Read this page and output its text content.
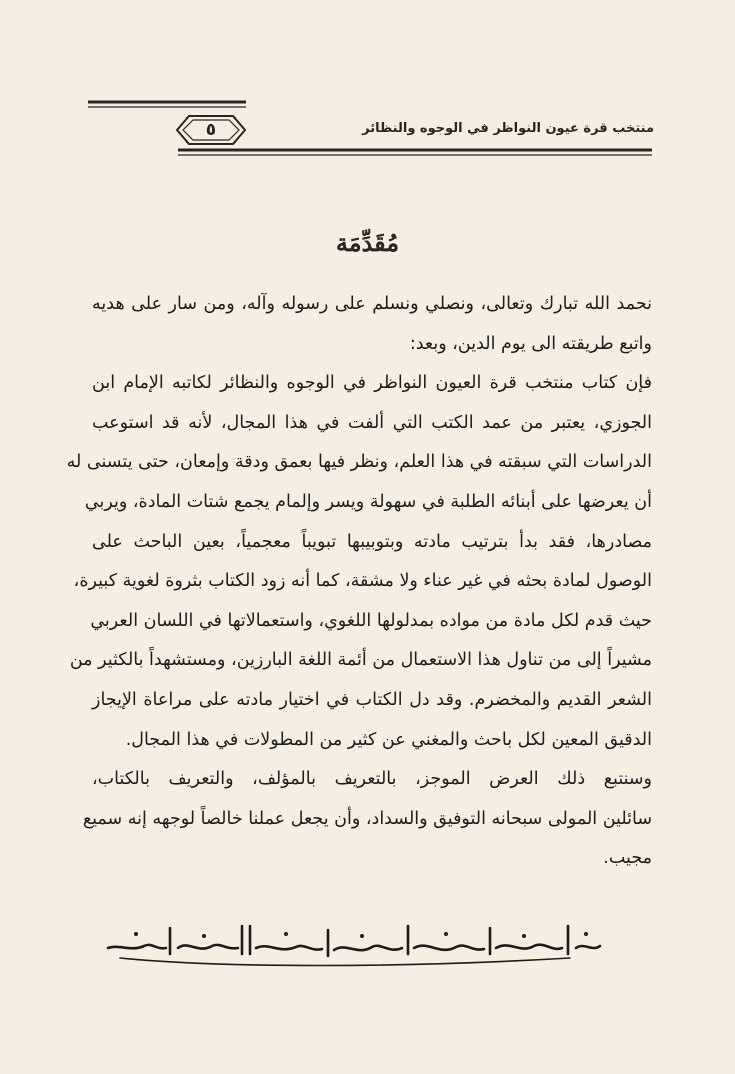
منتخب قرة عيون النواظر في الوجوه والنظائر
٥
مُقَدِّمَة
نحمد الله تبارك وتعالى، ونصلي ونسلم على رسوله وآله، ومن سار على هديه
واتبع طريقته الى يوم الدين، وبعد:
فإن كتاب منتخب قرة العيون النواظر في الوجوه والنظائر لكاتبه الإمام ابن
الجوزي، يعتبر من عمد الكتب التي ألفت في هذا المجال، لأنه قد استوعب
الدراسات التي سبقته في هذا العلم، ونظر فيها بعمق ودقة وإمعان، حتى يتسنى له
أن يعرضها على أبنائه الطلبة في سهولة ويسر وإلمام يجمع شتات المادة، ويربي
مصادرها، فقد بدأ بترتيب مادته وبتوبيبها تبويباً معجمياً، بعين الباحث على
الوصول لمادة بحثه في غير عناء ولا مشقة، كما أنه زود الكتاب بثروة لغوية كبيرة،
حيث قدم لكل مادة من مواده بمدلولها اللغوي، واستعمالاتها في اللسان العربي
مشيراً إلى من تناول هذا الاستعمال من أئمة اللغة البارزين، ومستشهداً بالكثير من
الشعر القديم والمخضرم. وقد دل الكتاب في اختيار مادته على مراعاة الإيجاز
الدقيق المعين لكل باحث والمغني عن كثير من المطولات في هذا المجال.
وسنتبع ذلك العرض الموجز، بالتعريف بالمؤلف، والتعريف بالكتاب،
سائلين المولى سبحانه التوفيق والسداد، وأن يجعل عملنا خالصاً لوجهه إنه سميع
مجيب.
